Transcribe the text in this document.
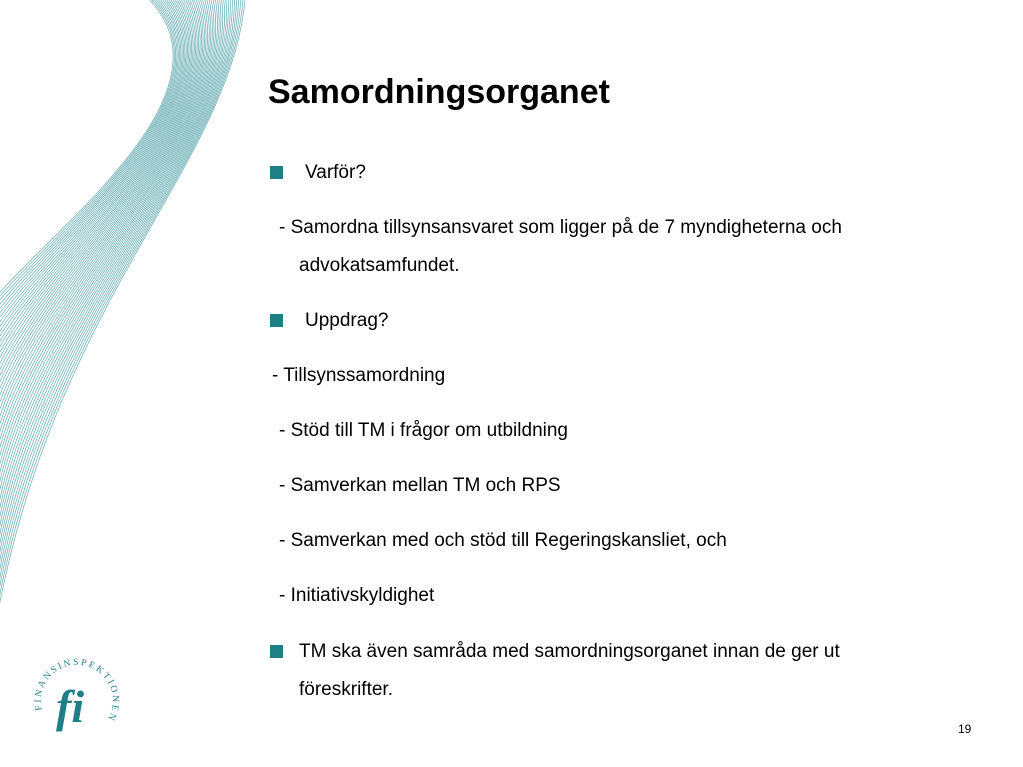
Samordningsorganet
Varför?
- Samordna tillsynsansvaret som ligger på de 7 myndigheterna och
advokatsamfundet.
Uppdrag?
- Tillsynssamordning
- Stöd till TM i frågor om utbildning
- Samverkan mellan TM och RPS
- Samverkan med och stöd till Regeringskansliet, och
- Initiativskyldighet
TM ska även samråda med samordningsorganet innan de ger ut
föreskrifter.
FINANSINSPEKTIONEN
fi	19
